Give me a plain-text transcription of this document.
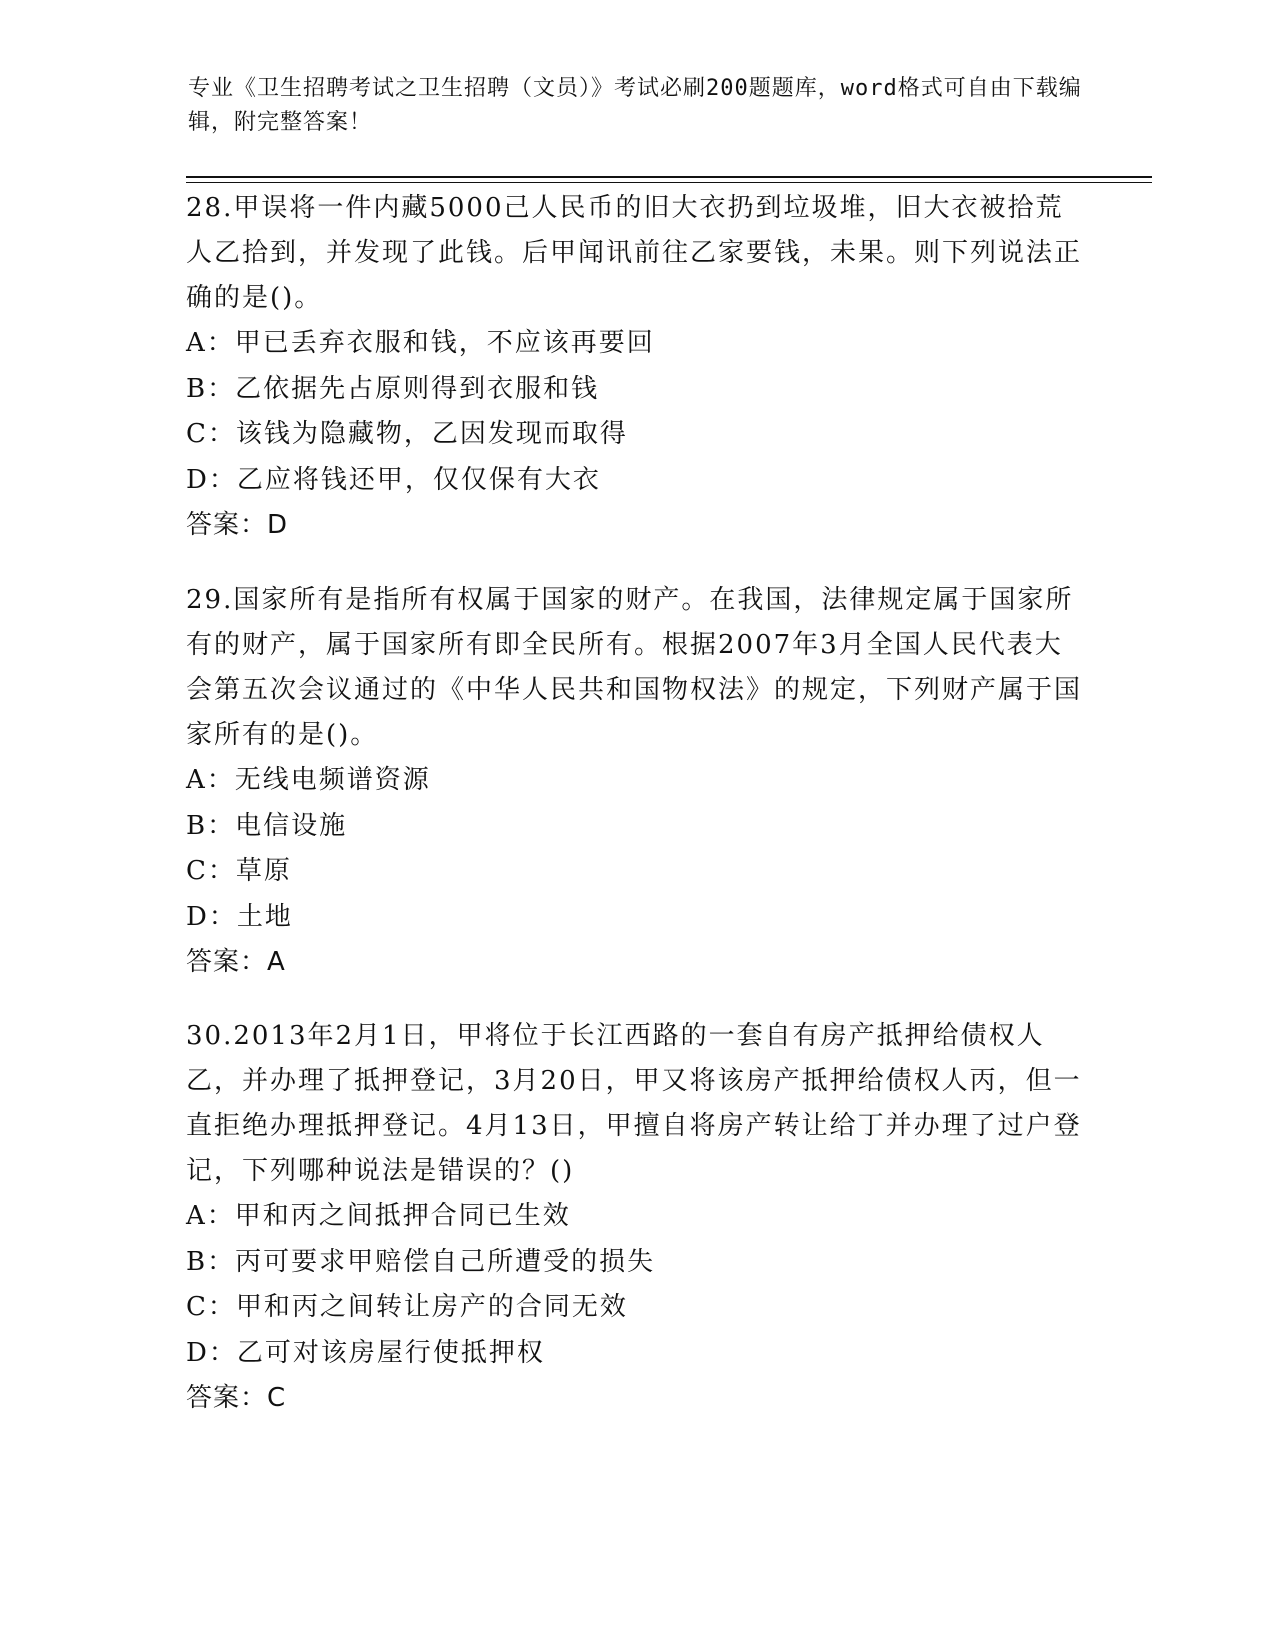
专业《卫生招聘考试之卫生招聘（文员）》考试必刷200题题库，word格式可自由下载编辑，附完整答案！
28.甲误将一件内藏5000己人民币的旧大衣扔到垃圾堆，旧大衣被拾荒人乙拾到，并发现了此钱。后甲闻讯前往乙家要钱，未果。则下列说法正确的是()。
A：甲已丢弃衣服和钱，不应该再要回
B：乙依据先占原则得到衣服和钱
C：该钱为隐藏物，乙因发现而取得
D：乙应将钱还甲，仅仅保有大衣
答案：D
29.国家所有是指所有权属于国家的财产。在我国，法律规定属于国家所有的财产，属于国家所有即全民所有。根据2007年3月全国人民代表大会第五次会议通过的《中华人民共和国物权法》的规定，下列财产属于国家所有的是()。
A：无线电频谱资源
B：电信设施
C：草原
D：土地
答案：A
30.2013年2月1日，甲将位于长江西路的一套自有房产抵押给债权人乙，并办理了抵押登记，3月20日，甲又将该房产抵押给债权人丙，但一直拒绝办理抵押登记。4月13日，甲擅自将房产转让给丁并办理了过户登记，下列哪种说法是错误的？()
A：甲和丙之间抵押合同已生效
B：丙可要求甲赔偿自己所遭受的损失
C：甲和丙之间转让房产的合同无效
D：乙可对该房屋行使抵押权
答案：C
